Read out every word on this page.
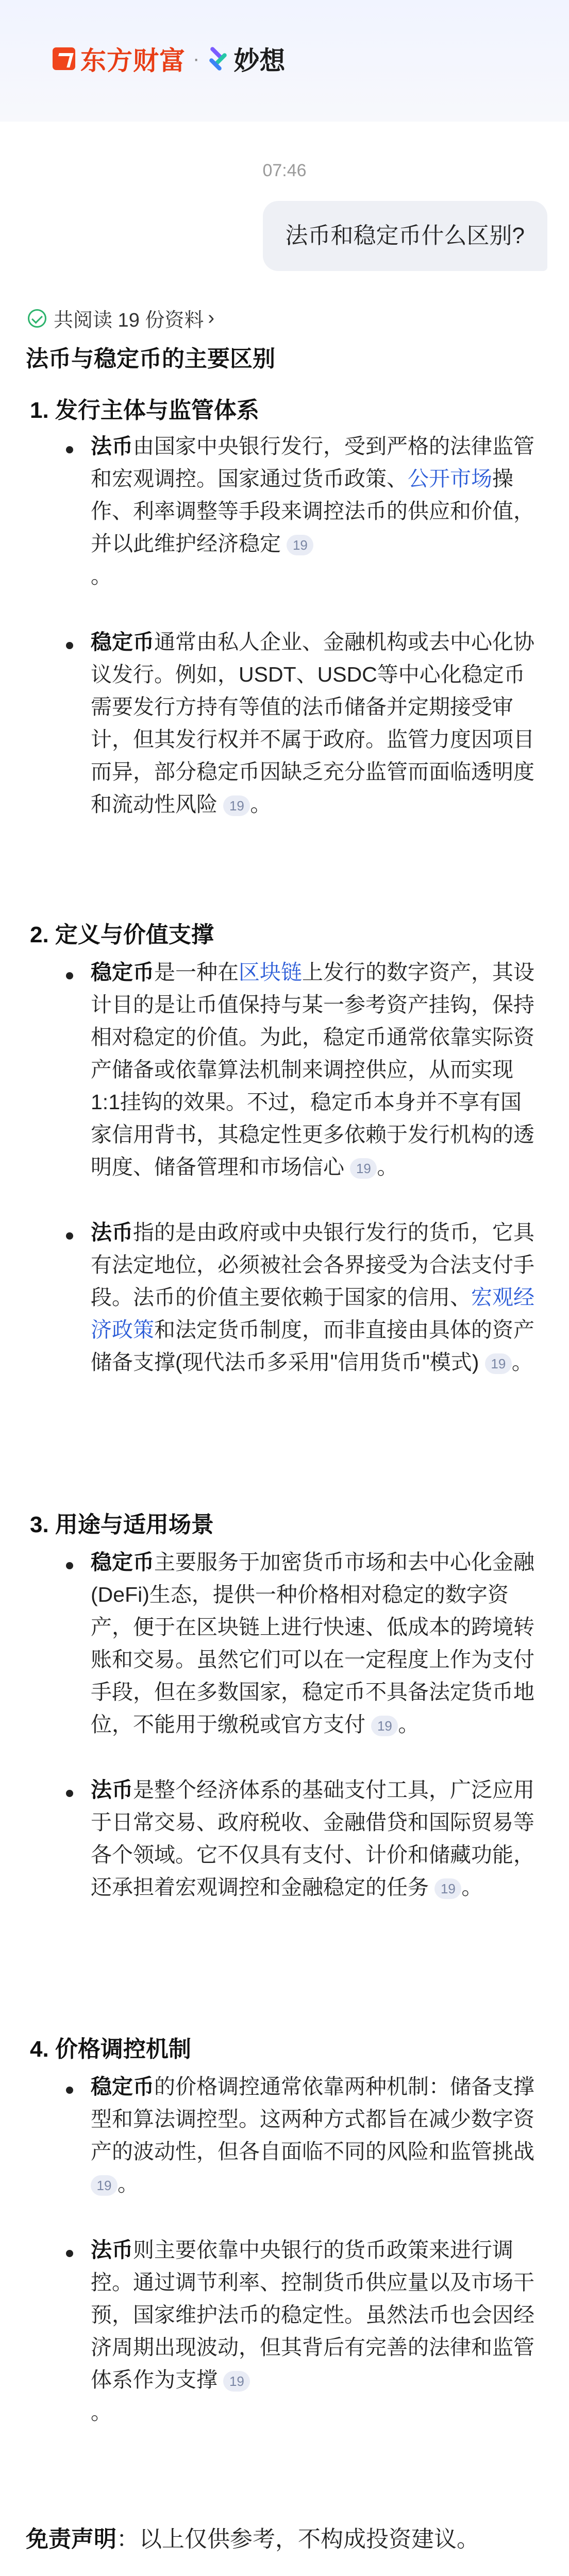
东方财富 · 妙想
07:46
法币和稳定币什么区别?
共阅读 19 份资料 ›
法币与稳定币的主要区别
1. 发行主体与监管体系
法币由国家中央银行发行，受到严格的法律监管和宏观调控。国家通过货币政策、公开市场操作、利率调整等手段来调控法币的供应和价值，并以此维护经济稳定 19
。
稳定币通常由私人企业、金融机构或去中心化协议发行。例如，USDT、USDC等中心化稳定币需要发行方持有等值的法币储备并定期接受审计，但其发行权并不属于政府。监管力度因项目而异，部分稳定币因缺乏充分监管而面临透明度和流动性风险 19 。
2. 定义与价值支撑
稳定币是一种在区块链上发行的数字资产，其设计目的是让币值保持与某一参考资产挂钩，保持相对稳定的价值。为此，稳定币通常依靠实际资产储备或依靠算法机制来调控供应，从而实现1:1挂钩的效果。不过，稳定币本身并不享有国家信用背书，其稳定性更多依赖于发行机构的透明度、储备管理和市场信心 19 。
法币指的是由政府或中央银行发行的货币，它具有法定地位，必须被社会各界接受为合法支付手段。法币的价值主要依赖于国家的信用、宏观经济政策和法定货币制度，而非直接由具体的资产储备支撑(现代法币多采用"信用货币"模式) 19 。
3. 用途与适用场景
稳定币主要服务于加密货币市场和去中心化金融(DeFi)生态，提供一种价格相对稳定的数字资产，便于在区块链上进行快速、低成本的跨境转账和交易。虽然它们可以在一定程度上作为支付手段，但在多数国家，稳定币不具备法定货币地位，不能用于缴税或官方支付 19 。
法币是整个经济体系的基础支付工具，广泛应用于日常交易、政府税收、金融借贷和国际贸易等各个领域。它不仅具有支付、计价和储藏功能，还承担着宏观调控和金融稳定的任务 19 。
4. 价格调控机制
稳定币的价格调控通常依靠两种机制：储备支撑型和算法调控型。这两种方式都旨在减少数字资产的波动性，但各自面临不同的风险和监管挑战 19 。
法币则主要依靠中央银行的货币政策来进行调控。通过调节利率、控制货币供应量以及市场干预，国家维护法币的稳定性。虽然法币也会因经济周期出现波动，但其背后有完善的法律和监管体系作为支撑 19
。
免责声明：以上仅供参考，不构成投资建议。
